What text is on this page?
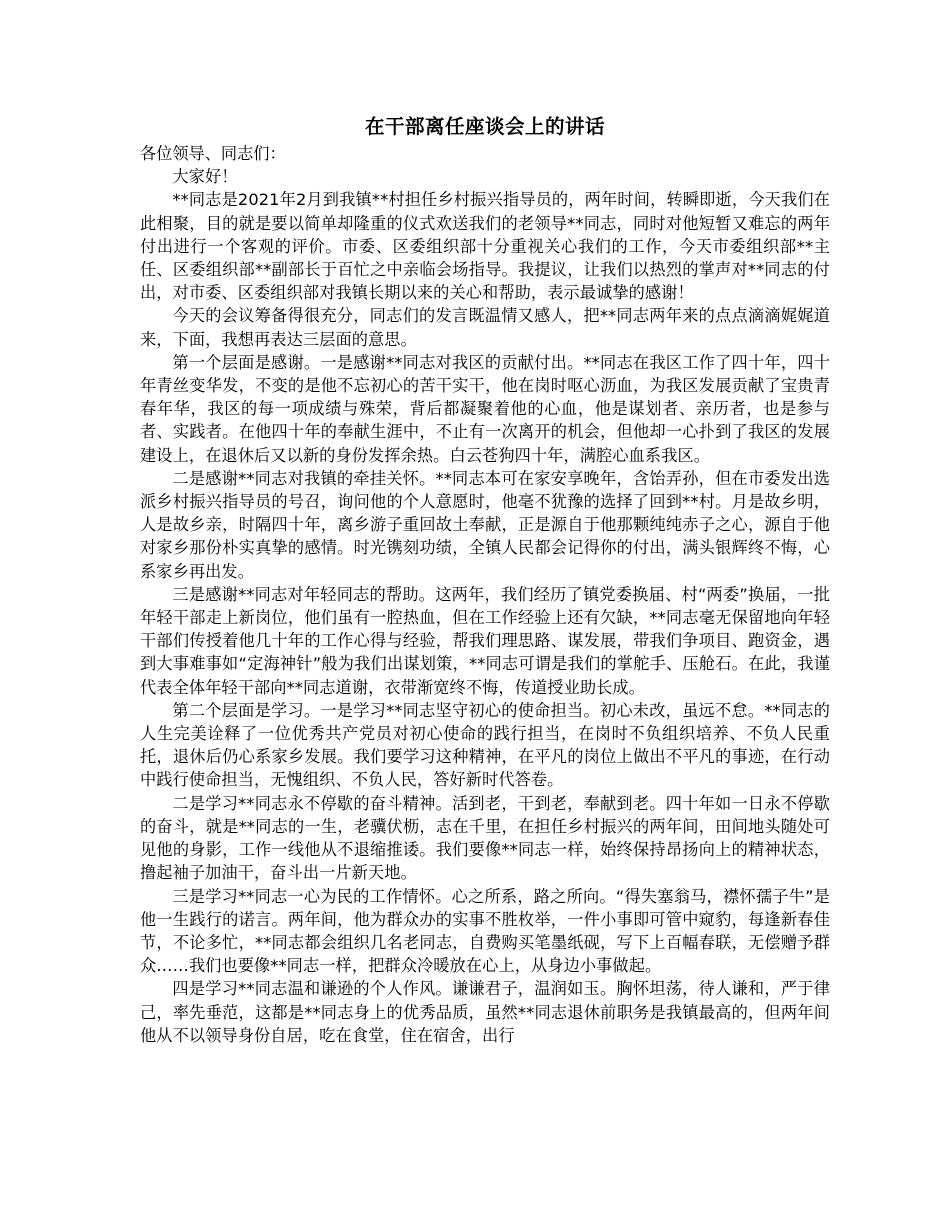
在干部离任座谈会上的讲话

各位领导、同志们：

大家好！

**同志是2021年2月到我镇**村担任乡村振兴指导员的，两年时间，转瞬即逝，今天我们在此相聚，目的就是要以简单却隆重的仪式欢送我们的老领导**同志，同时对他短暂又难忘的两年付出进行一个客观的评价。市委、区委组织部十分重视关心我们的工作，今天市委组织部**主任、区委组织部**副部长于百忙之中亲临会场指导。我提议，让我们以热烈的掌声对**同志的付出，对市委、区委组织部对我镇长期以来的关心和帮助，表示最诚挚的感谢！

今天的会议筹备得很充分，同志们的发言既温情又感人，把**同志两年来的点点滴滴娓娓道来，下面，我想再表达三层面的意思。

第一个层面是感谢。一是感谢**同志对我区的贡献付出。**同志在我区工作了四十年，四十年青丝变华发，不变的是他不忘初心的苦干实干，他在岗时呕心沥血，为我区发展贡献了宝贵青春年华，我区的每一项成绩与殊荣，背后都凝聚着他的心血，他是谋划者、亲历者，也是参与者、实践者。在他四十年的奉献生涯中，不止有一次离开的机会，但他却一心扑到了我区的发展建设上，在退休后又以新的身份发挥余热。白云苍狗四十年，满腔心血系我区。

二是感谢**同志对我镇的牵挂关怀。**同志本可在家安享晚年，含饴弄孙，但在市委发出选派乡村振兴指导员的号召，询问他的个人意愿时，他毫不犹豫的选择了回到**村。月是故乡明，人是故乡亲，时隔四十年，离乡游子重回故土奉献，正是源自于他那颗纯纯赤子之心，源自于他对家乡那份朴实真挚的感情。时光镌刻功绩，全镇人民都会记得你的付出，满头银辉终不悔，心系家乡再出发。

三是感谢**同志对年轻同志的帮助。这两年，我们经历了镇党委换届、村“两委”换届，一批年轻干部走上新岗位，他们虽有一腔热血，但在工作经验上还有欠缺，**同志毫无保留地向年轻干部们传授着他几十年的工作心得与经验，帮我们理思路、谋发展，带我们争项目、跑资金，遇到大事难事如“定海神针”般为我们出谋划策，**同志可谓是我们的掌舵手、压舱石。在此，我谨代表全体年轻干部向**同志道谢，衣带渐宽终不悔，传道授业助长成。

第二个层面是学习。一是学习**同志坚守初心的使命担当。初心未改，虽远不怠。**同志的人生完美诠释了一位优秀共产党员对初心使命的践行担当，在岗时不负组织培养、不负人民重托，退休后仍心系家乡发展。我们要学习这种精神，在平凡的岗位上做出不平凡的事迹，在行动中践行使命担当，无愧组织、不负人民，答好新时代答卷。

二是学习**同志永不停歇的奋斗精神。活到老，干到老，奉献到老。四十年如一日永不停歇的奋斗，就是**同志的一生，老骥伏枥，志在千里，在担任乡村振兴的两年间，田间地头随处可见他的身影，工作一线他从不退缩推诿。我们要像**同志一样，始终保持昂扬向上的精神状态，撸起袖子加油干，奋斗出一片新天地。

三是学习**同志一心为民的工作情怀。心之所系，路之所向。“得失塞翁马，襟怀孺子牛”是他一生践行的诺言。两年间，他为群众办的实事不胜枚举，一件小事即可管中窥豹，每逢新春佳节，不论多忙，**同志都会组织几名老同志，自费购买笔墨纸砚，写下上百幅春联，无偿赠予群众……我们也要像**同志一样，把群众冷暖放在心上，从身边小事做起。

四是学习**同志温和谦逊的个人作风。谦谦君子，温润如玉。胸怀坦荡，待人谦和，严于律己，率先垂范，这都是**同志身上的优秀品质，虽然**同志退休前职务是我镇最高的，但两年间他从不以领导身份自居，吃在食堂，住在宿舍，出行
